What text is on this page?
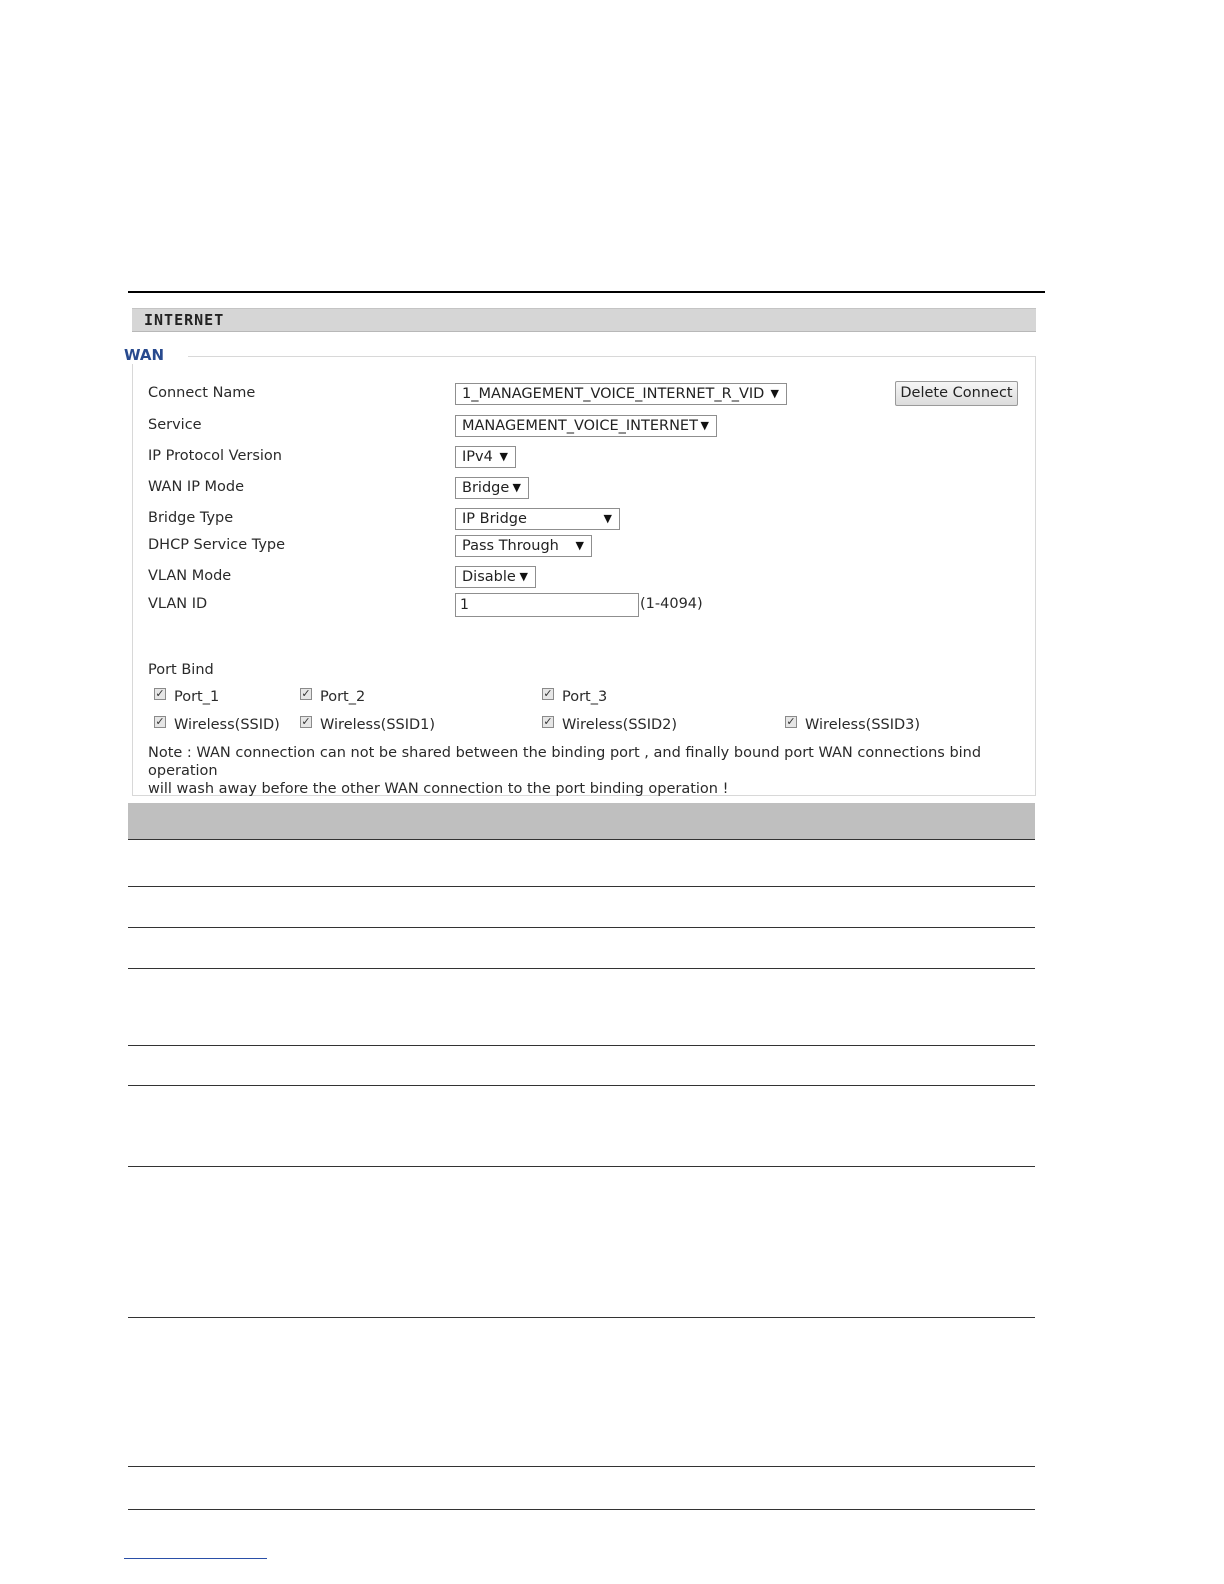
INTERNET
WAN
Connect Name	1_MANAGEMENT_VOICE_INTERNET_R_VID ▼	Delete Connect
Service	MANAGEMENT_VOICE_INTERNET ▼
IP Protocol Version	IPv4 ▼
WAN IP Mode	Bridge ▼
Bridge Type	IP Bridge	▼
DHCP Service Type	Pass Through ▼
VLAN Mode	Disable ▼
VLAN ID	1	(1-4094)
Port Bind
✓ Port_1	✓ Port_2	✓ Port_3
✓ Wireless(SSID) ✓ Wireless(SSID1)	✓ Wireless(SSID2)	✓ Wireless(SSID3)
Note : WAN connection can not be shared between the binding port , and finally bound port WAN connections bind operation
will wash away before the other WAN connection to the port binding operation !
